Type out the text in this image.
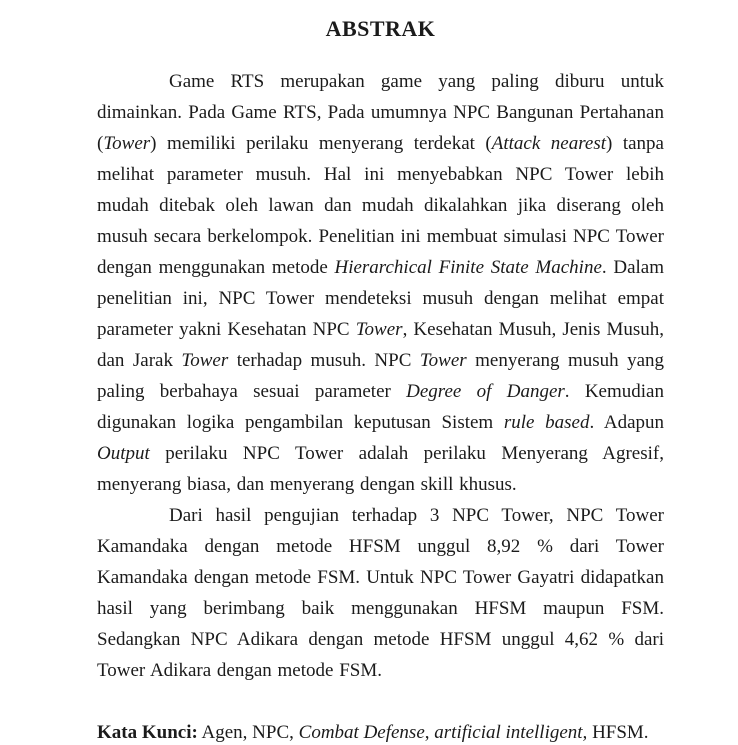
ABSTRAK

Game RTS merupakan game yang paling diburu untuk dimainkan. Pada Game RTS, Pada umumnya NPC Bangunan Pertahanan (Tower) memiliki perilaku menyerang terdekat (Attack nearest) tanpa melihat parameter musuh. Hal ini menyebabkan NPC Tower lebih mudah ditebak oleh lawan dan mudah dikalahkan jika diserang oleh musuh secara berkelompok. Penelitian ini membuat simulasi NPC Tower dengan menggunakan metode Hierarchical Finite State Machine. Dalam penelitian ini, NPC Tower mendeteksi musuh dengan melihat empat parameter yakni Kesehatan NPC Tower, Kesehatan Musuh, Jenis Musuh, dan Jarak Tower terhadap musuh. NPC Tower menyerang musuh yang paling berbahaya sesuai parameter Degree of Danger. Kemudian digunakan logika pengambilan keputusan Sistem rule based. Adapun Output perilaku NPC Tower adalah perilaku Menyerang Agresif, menyerang biasa, dan menyerang dengan skill khusus.

Dari hasil pengujian terhadap 3 NPC Tower, NPC Tower Kamandaka dengan metode HFSM unggul 8,92 % dari Tower Kamandaka dengan metode FSM. Untuk NPC Tower Gayatri didapatkan hasil yang berimbang baik menggunakan HFSM maupun FSM. Sedangkan NPC Adikara dengan metode HFSM unggul 4,62 % dari Tower Adikara dengan metode FSM.

Kata Kunci: Agen, NPC, Combat Defense, artificial intelligent, HFSM.
